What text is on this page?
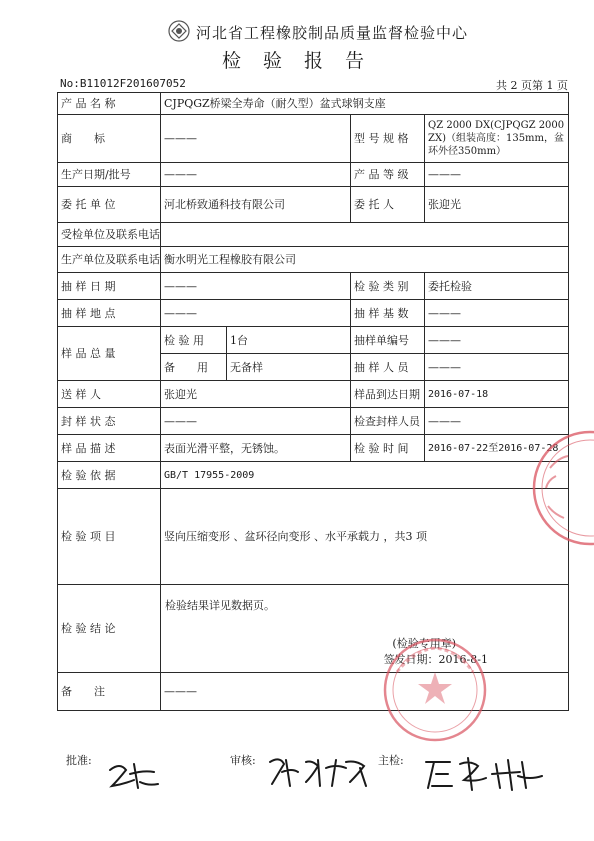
河北省工程橡胶制品质量监督检验中心
检 验 报 告
No:B11012F201607052	共 2 页第 1 页
产 品 名 称	CJPQGZ桥梁全寿命（耐久型）盆式球钢支座			
商　　标	———		型 号 规 格	QZ 2000 DX(CJPQGZ 2000 ZX)（组装高度：135mm，盆环外径350mm）
生产日期/批号	———		产 品 等 级	———
委 托 单 位	河北桥致通科技有限公司		委 托 人	张迎光
受检单位及联系电话				
生产单位及联系电话	衡水明光工程橡胶有限公司			
抽 样 日 期	———		检 验 类 别	委托检验
抽 样 地 点	———		抽 样 基 数	———
样 品 总 量	检 验 用	1台	抽样单编号	———
	备　　用	无备样	抽 样 人 员	———
送 样 人	张迎光		样品到达日期	2016-07-18
封 样 状 态	———		检查封样人员	———
样 品 描 述	表面光滑平整，无锈蚀。		检 验 时 间	2016-07-22至2016-07-28
检 验 依 据	GB/T 17955-2009			
检 验 项 目	竖向压缩变形 、盆环径向变形 、水平承载力 ，共3 项			
检 验 结 论	检验结果详见数据页。
(检验专用章)
签发日期：2016-8-1			

备　　注	———			
批准:	审核:	主检:
